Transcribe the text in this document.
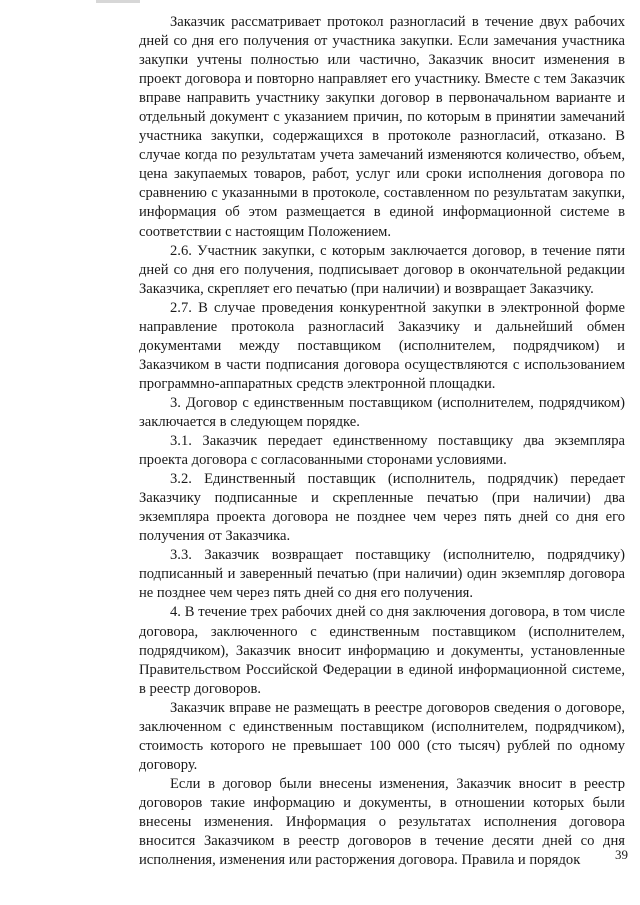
Заказчик рассматривает протокол разногласий в течение двух рабочих дней со дня его получения от участника закупки. Если замечания участника закупки учтены полностью или частично, Заказчик вносит изменения в проект договора и повторно направляет его участнику. Вместе с тем Заказчик вправе направить участнику закупки договор в первоначальном варианте и отдельный документ с указанием причин, по которым в принятии замечаний участника закупки, содержащихся в протоколе разногласий, отказано. В случае когда по результатам учета замечаний изменяются количество, объем, цена закупаемых товаров, работ, услуг или сроки исполнения договора по сравнению с указанными в протоколе, составленном по результатам закупки, информация об этом размещается в единой информационной системе в соответствии с настоящим Положением.

2.6. Участник закупки, с которым заключается договор, в течение пяти дней со дня его получения, подписывает договор в окончательной редакции Заказчика, скрепляет его печатью (при наличии) и возвращает Заказчику.

2.7. В случае проведения конкурентной закупки в электронной форме направление протокола разногласий Заказчику и дальнейший обмен документами между поставщиком (исполнителем, подрядчиком) и Заказчиком в части подписания договора осуществляются с использованием программно-аппаратных средств электронной площадки.

3. Договор с единственным поставщиком (исполнителем, подрядчиком) заключается в следующем порядке.

3.1. Заказчик передает единственному поставщику два экземпляра проекта договора с согласованными сторонами условиями.

3.2. Единственный поставщик (исполнитель, подрядчик) передает Заказчику подписанные и скрепленные печатью (при наличии) два экземпляра проекта договора не позднее чем через пять дней со дня его получения от Заказчика.

3.3. Заказчик возвращает поставщику (исполнителю, подрядчику) подписанный и заверенный печатью (при наличии) один экземпляр договора не позднее чем через пять дней со дня его получения.

4. В течение трех рабочих дней со дня заключения договора, в том числе договора, заключенного с единственным поставщиком (исполнителем, подрядчиком), Заказчик вносит информацию и документы, установленные Правительством Российской Федерации в единой информационной системе, в реестр договоров.

Заказчик вправе не размещать в реестре договоров сведения о договоре, заключенном с единственным поставщиком (исполнителем, подрядчиком), стоимость которого не превышает 100 000 (сто тысяч) рублей по одному договору.

Если в договор были внесены изменения, Заказчик вносит в реестр договоров такие информацию и документы, в отношении которых были внесены изменения. Информация о результатах исполнения договора вносится Заказчиком в реестр договоров в течение десяти дней со дня исполнения, изменения или расторжения договора. Правила и порядок	39
